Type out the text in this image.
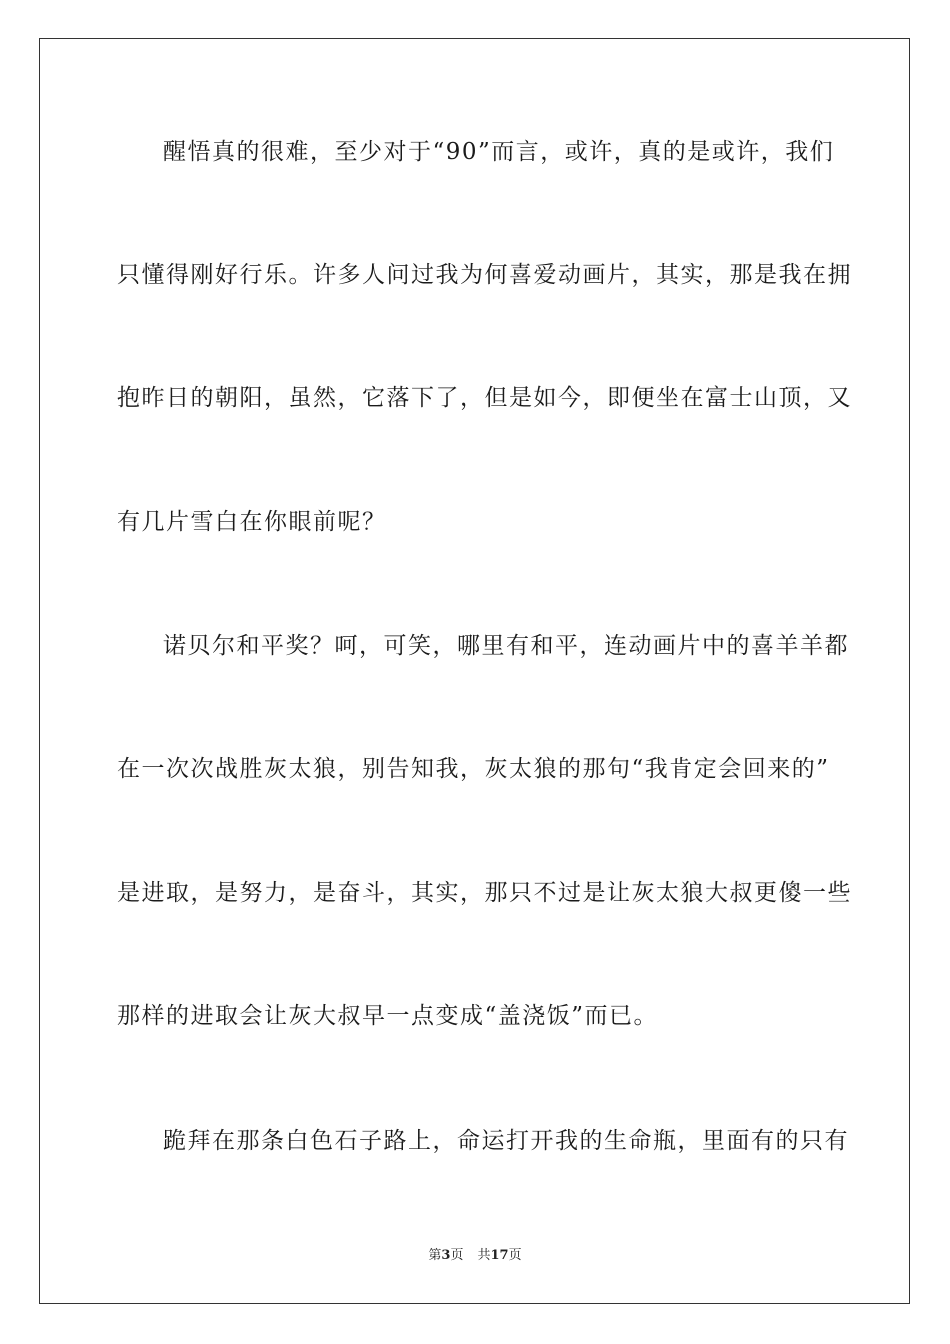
醒悟真的很难，至少对于“90”而言，或许，真的是或许，我们
只懂得刚好行乐。许多人问过我为何喜爱动画片，其实，那是我在拥
抱昨日的朝阳，虽然，它落下了，但是如今，即便坐在富士山顶，又
有几片雪白在你眼前呢？
诺贝尔和平奖？呵，可笑，哪里有和平，连动画片中的喜羊羊都
在一次次战胜灰太狼，别告知我，灰太狼的那句“我肯定会回来的”
是进取，是努力，是奋斗，其实，那只不过是让灰太狼大叔更傻一些
那样的进取会让灰大叔早一点变成“盖浇饭”而已。
跪拜在那条白色石子路上，命运打开我的生命瓶，里面有的只有
第3页 共17页
